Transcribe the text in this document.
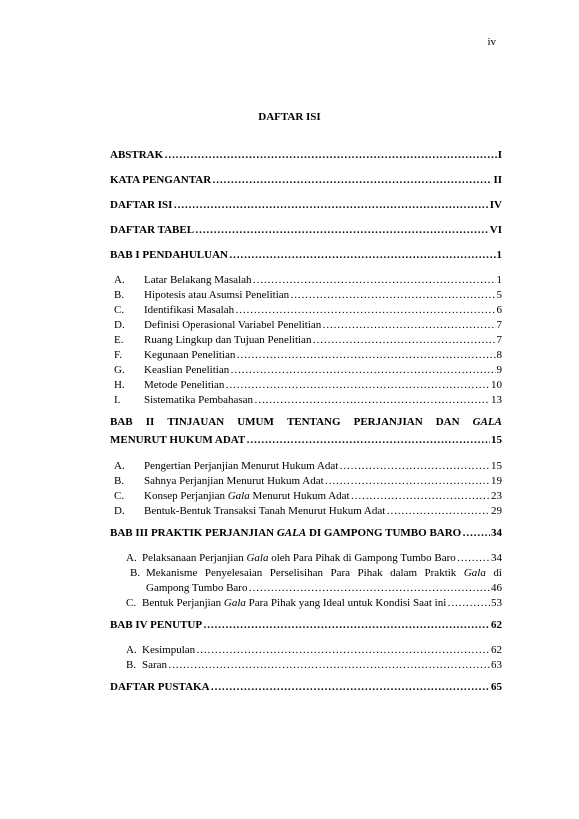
iv
DAFTAR ISI
ABSTRAK ………………………………………………………………………………………………………………………………………………………………	I
KATA PENGANTAR ………………………………………………………………………………………………………………………………………………………………	II
DAFTAR ISI ………………………………………………………………………………………………………………………………………………………………	IV
DAFTAR TABEL ………………………………………………………………………………………………………………………………………………………………	VI
BAB I PENDAHULUAN ………………………………………………………………………………………………………………………………………………………………	1
A. Latar Belakang Masalah ………………………………………………………………………………………………………………………………………………………………	1
B. Hipotesis atau Asumsi Penelitian ………………………………………………………………………………………………………………………………………………………………	5
C. Identifikasi Masalah ………………………………………………………………………………………………………………………………………………………………	6
D. Definisi Operasional Variabel Penelitian ………………………………………………………………………………………………………………………………………………………………	7
E. Ruang Lingkup dan Tujuan Penelitian ………………………………………………………………………………………………………………………………………………………………	7
F. Kegunaan Penelitian ………………………………………………………………………………………………………………………………………………………………	8
G. Keaslian Penelitian ………………………………………………………………………………………………………………………………………………………………	9
H. Metode Penelitian ………………………………………………………………………………………………………………………………………………………………	10
I. Sistematika Pembahasan ………………………………………………………………………………………………………………………………………………………………	13
BAB II TINJAUAN UMUM TENTANG PERJANJIAN DAN GALA
MENURUT HUKUM ADAT ………………………………………………………………………………………………………………………………………………………………	15
A. Pengertian Perjanjian Menurut Hukum Adat ………………………………………………………………………………………………………………………………………………………………	15
B. Sahnya Perjanjian Menurut Hukum Adat ………………………………………………………………………………………………………………………………………………………………	19
C. Konsep Perjanjian Gala Menurut Hukum Adat ………………………………………………………………………………………………………………………………………………………………	23
D. Bentuk-Bentuk Transaksi Tanah Menurut Hukum Adat ………………………………………………………………………………………………………………………………………………………………	29
BAB III PRAKTIK PERJANJIAN GALA DI GAMPONG TUMBO BARO ………………………………………………………………………………………………………………………………………………………………	34
A. Pelaksanaan Perjanjian Gala oleh Para Pihak di Gampong Tumbo Baro ………………………………………………………………………………………………………………………………………………………………	34
B. Mekanisme Penyelesaian Perselisihan Para Pihak dalam Praktik Gala di
Gampong Tumbo Baro ………………………………………………………………………………………………………………………………………………………………	46
C. Bentuk Perjanjian Gala Para Pihak yang Ideal untuk Kondisi Saat ini ………………………………………………………………………………………………………………………………………………………………	53
BAB IV PENUTUP ………………………………………………………………………………………………………………………………………………………………	62
A. Kesimpulan ………………………………………………………………………………………………………………………………………………………………	62
B. Saran ………………………………………………………………………………………………………………………………………………………………	63
DAFTAR PUSTAKA ………………………………………………………………………………………………………………………………………………………………	65
